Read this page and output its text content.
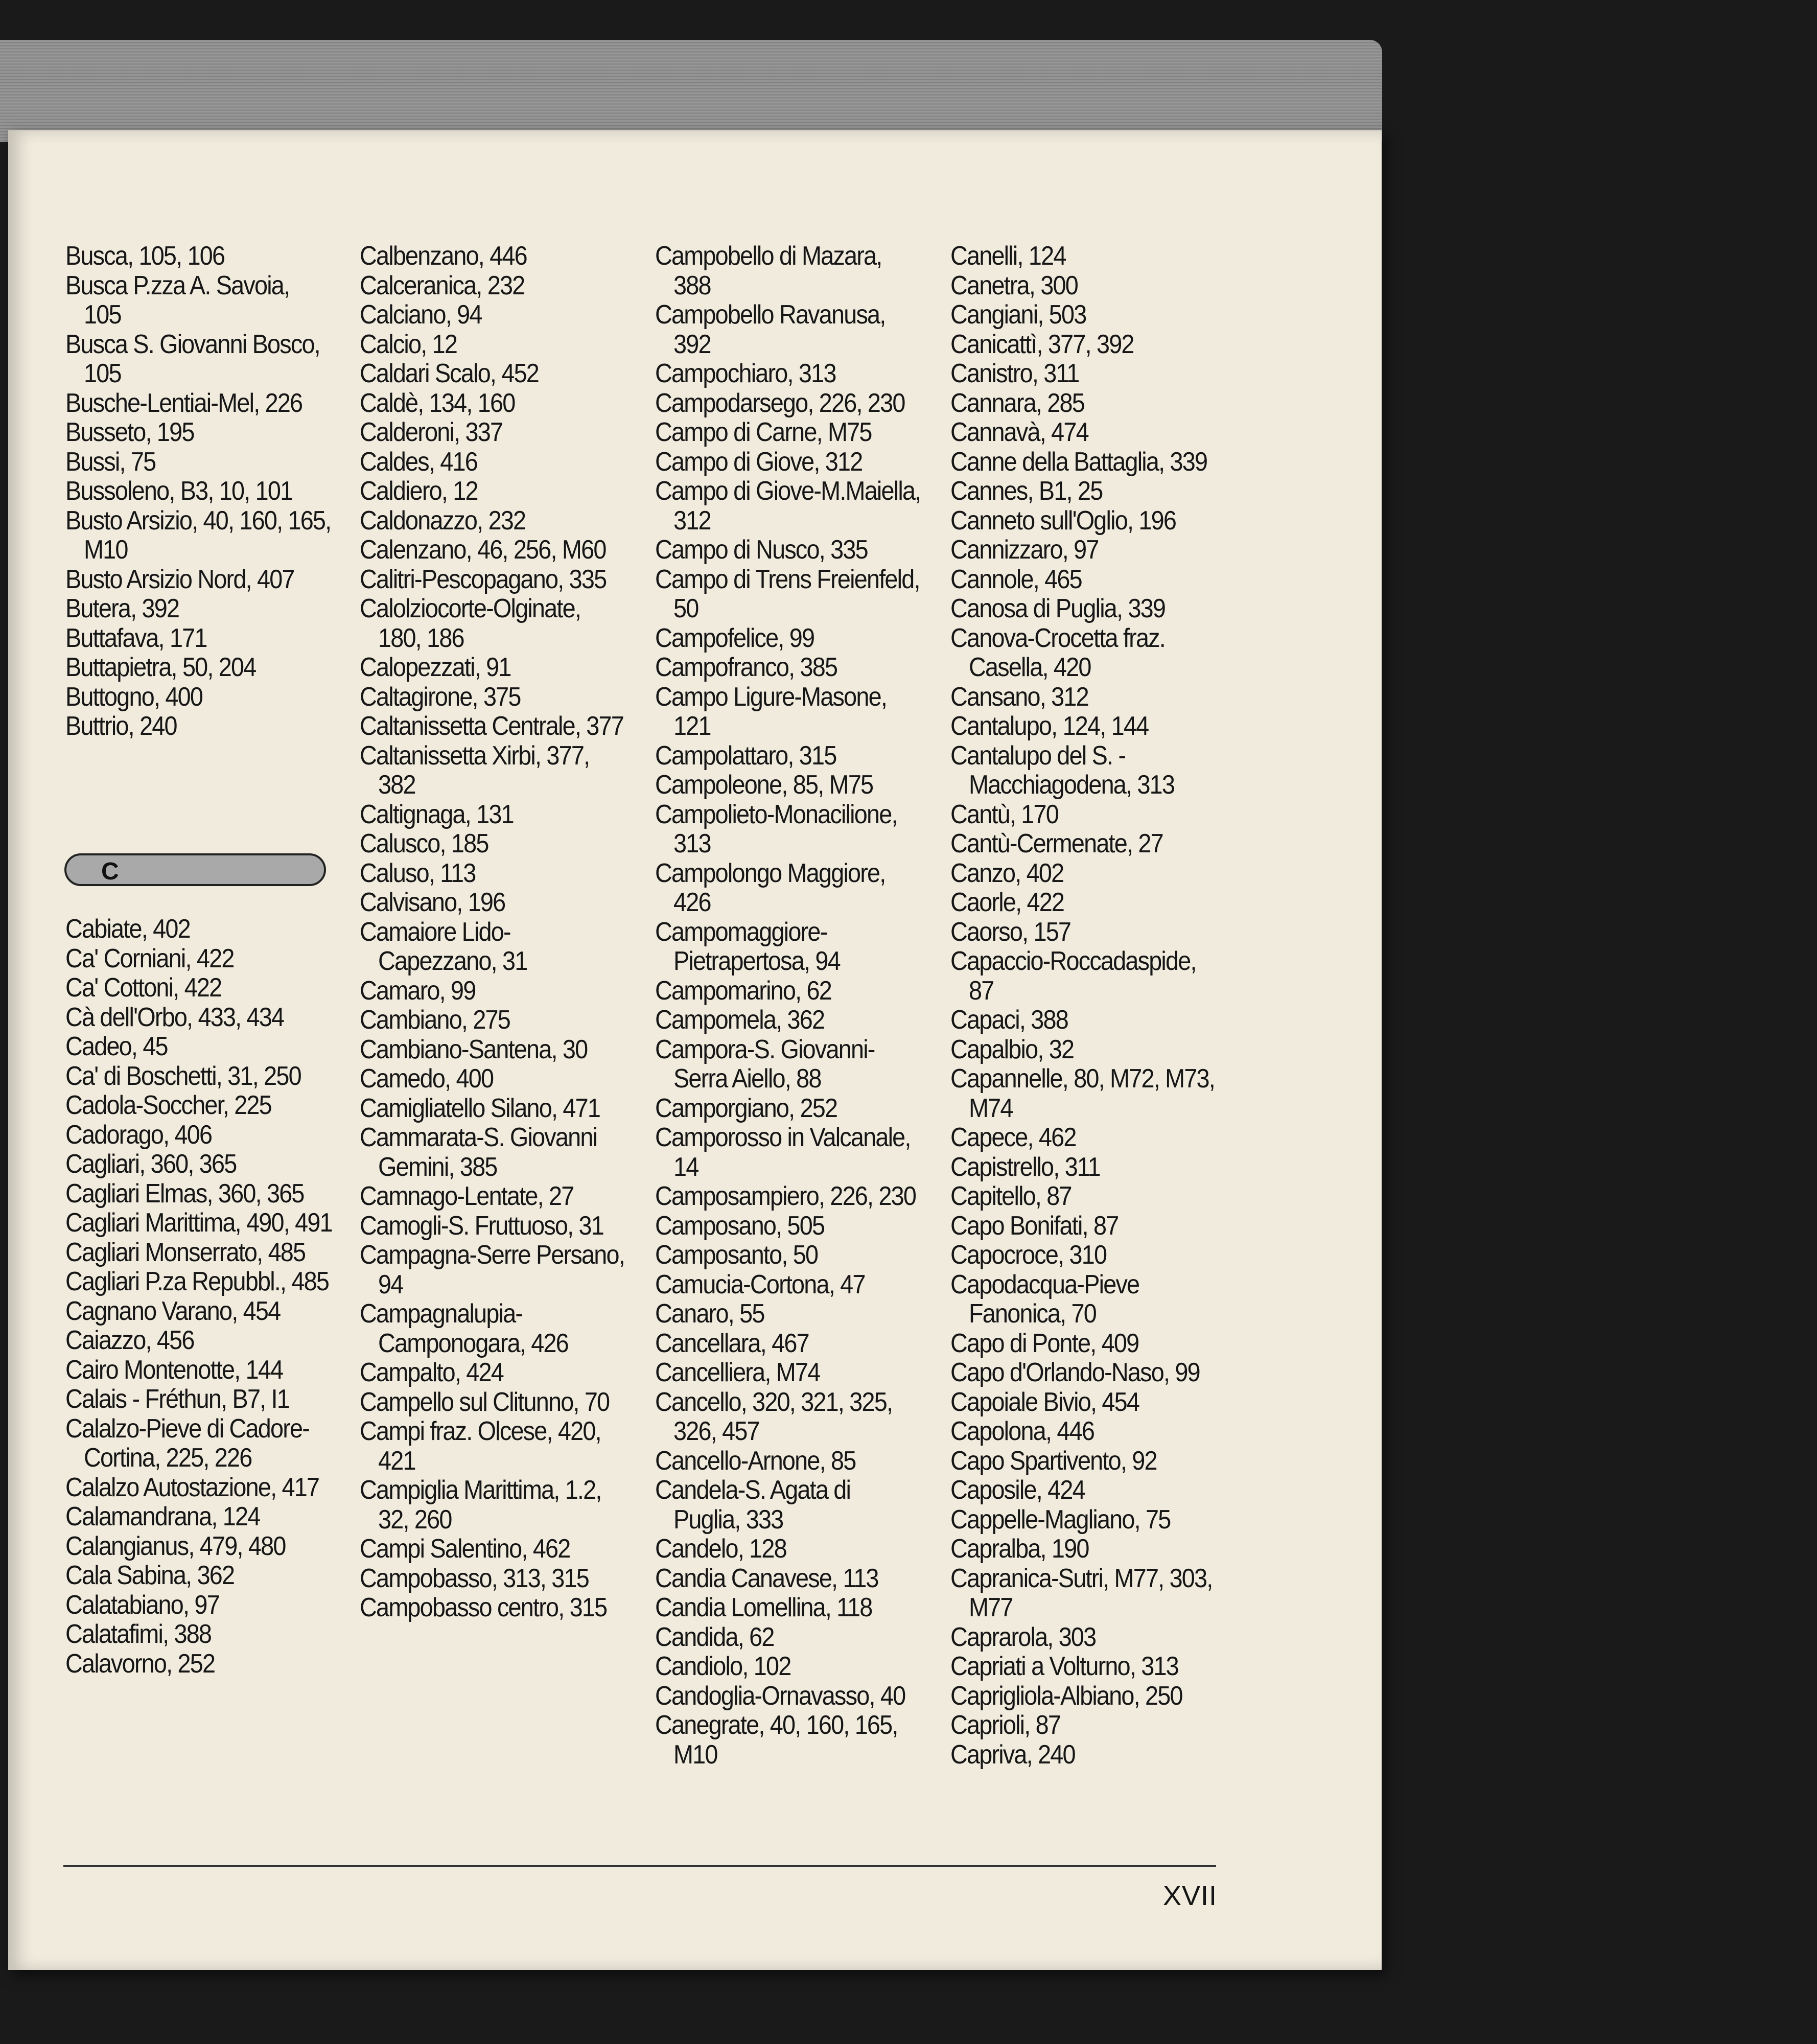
Busca, 105, 106
Busca P.zza A. Savoia, 105
Busca S. Giovanni Bosco, 105
Busche-Lentiai-Mel, 226
Busseto, 195
Bussi, 75
Bussoleno, B3, 10, 101
Busto Arsizio, 40, 160, 165, M10
Busto Arsizio Nord, 407
Butera, 392
Buttafava, 171
Buttapietra, 50, 204
Buttogno, 400
Buttrio, 240
C
Cabiate, 402
Ca' Corniani, 422
Ca' Cottoni, 422
Cà dell'Orbo, 433, 434
Cadeo, 45
Ca' di Boschetti, 31, 250
Cadola-Soccher, 225
Cadorago, 406
Cagliari, 360, 365
Cagliari Elmas, 360, 365
Cagliari Marittima, 490, 491
Cagliari Monserrato, 485
Cagliari P.za Repubbl., 485
Cagnano Varano, 454
Caiazzo, 456
Cairo Montenotte, 144
Calais - Fréthun, B7, I1
Calalzo-Pieve di Cadore-Cortina, 225, 226
Calalzo Autostazione, 417
Calamandrana, 124
Calangianus, 479, 480
Cala Sabina, 362
Calatabiano, 97
Calatafimi, 388
Calavorno, 252
Calbenzano, 446
Calceranica, 232
Calciano, 94
Calcio, 12
Caldari Scalo, 452
Caldè, 134, 160
Calderoni, 337
Caldes, 416
Caldiero, 12
Caldonazzo, 232
Calenzano, 46, 256, M60
Calitri-Pescopagano, 335
Calolziocorte-Olginate, 180, 186
Calopezzati, 91
Caltagirone, 375
Caltanissetta Centrale, 377
Caltanissetta Xirbi, 377, 382
Caltignaga, 131
Calusco, 185
Caluso, 113
Calvisano, 196
Camaiore Lido-Capezzano, 31
Camaro, 99
Cambiano, 275
Cambiano-Santena, 30
Camedo, 400
Camigliatello Silano, 471
Cammarata-S. Giovanni Gemini, 385
Camnago-Lentate, 27
Camogli-S. Fruttuoso, 31
Campagna-Serre Persano, 94
Campagnalupia-Camponogara, 426
Campalto, 424
Campello sul Clitunno, 70
Campi fraz. Olcese, 420, 421
Campiglia Marittima, 1.2, 32, 260
Campi Salentino, 462
Campobasso, 313, 315
Campobasso centro, 315
Campobello di Mazara, 388
Campobello Ravanusa, 392
Campochiaro, 313
Campodarsego, 226, 230
Campo di Carne, M75
Campo di Giove, 312
Campo di Giove-M.Maiella, 312
Campo di Nusco, 335
Campo di Trens Freienfeld, 50
Campofelice, 99
Campofranco, 385
Campo Ligure-Masone, 121
Campolattaro, 315
Campoleone, 85, M75
Campolieto-Monacilione, 313
Campolongo Maggiore, 426
Campomaggiore-Pietrapertosa, 94
Campomarino, 62
Campomela, 362
Campora-S. Giovanni-Serra Aiello, 88
Camporgiano, 252
Camporosso in Valcanale, 14
Camposampiero, 226, 230
Camposano, 505
Camposanto, 50
Camucia-Cortona, 47
Canaro, 55
Cancellara, 467
Cancelliera, M74
Cancello, 320, 321, 325, 326, 457
Cancello-Arnone, 85
Candela-S. Agata di Puglia, 333
Candelo, 128
Candia Canavese, 113
Candia Lomellina, 118
Candida, 62
Candiolo, 102
Candoglia-Ornavasso, 40
Canegrate, 40, 160, 165, M10
Canelli, 124
Canetra, 300
Cangiani, 503
Canicattì, 377, 392
Canistro, 311
Cannara, 285
Cannavà, 474
Canne della Battaglia, 339
Cannes, B1, 25
Canneto sull'Oglio, 196
Cannizzaro, 97
Cannole, 465
Canosa di Puglia, 339
Canova-Crocetta fraz. Casella, 420
Cansano, 312
Cantalupo, 124, 144
Cantalupo del S. - Macchiagodena, 313
Cantù, 170
Cantù-Cermenate, 27
Canzo, 402
Caorle, 422
Caorso, 157
Capaccio-Roccadaspide, 87
Capaci, 388
Capalbio, 32
Capannelle, 80, M72, M73, M74
Capece, 462
Capistrello, 311
Capitello, 87
Capo Bonifati, 87
Capocroce, 310
Capodacqua-Pieve Fanonica, 70
Capo di Ponte, 409
Capo d'Orlando-Naso, 99
Capoiale Bivio, 454
Capolona, 446
Capo Spartivento, 92
Caposile, 424
Cappelle-Magliano, 75
Capralba, 190
Capranica-Sutri, M77, 303, M77
Caprarola, 303
Capriati a Volturno, 313
Caprigliola-Albiano, 250
Caprioli, 87
Capriva, 240
XVII
